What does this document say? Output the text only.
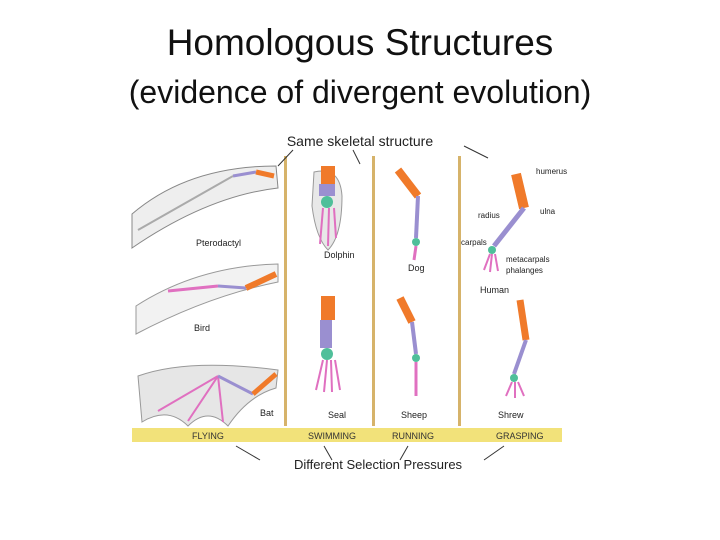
Homologous Structures
(evidence of divergent evolution)
Same skeletal structure
Pterodactyl
Bird
Bat
Dolphin
Seal
Dog
Sheep
Human
humerus
ulna
radius
carpals
metacarpals
phalanges
Shrew
FLYING	SWIMMING	RUNNING	GRASPING
Different Selection Pressures
